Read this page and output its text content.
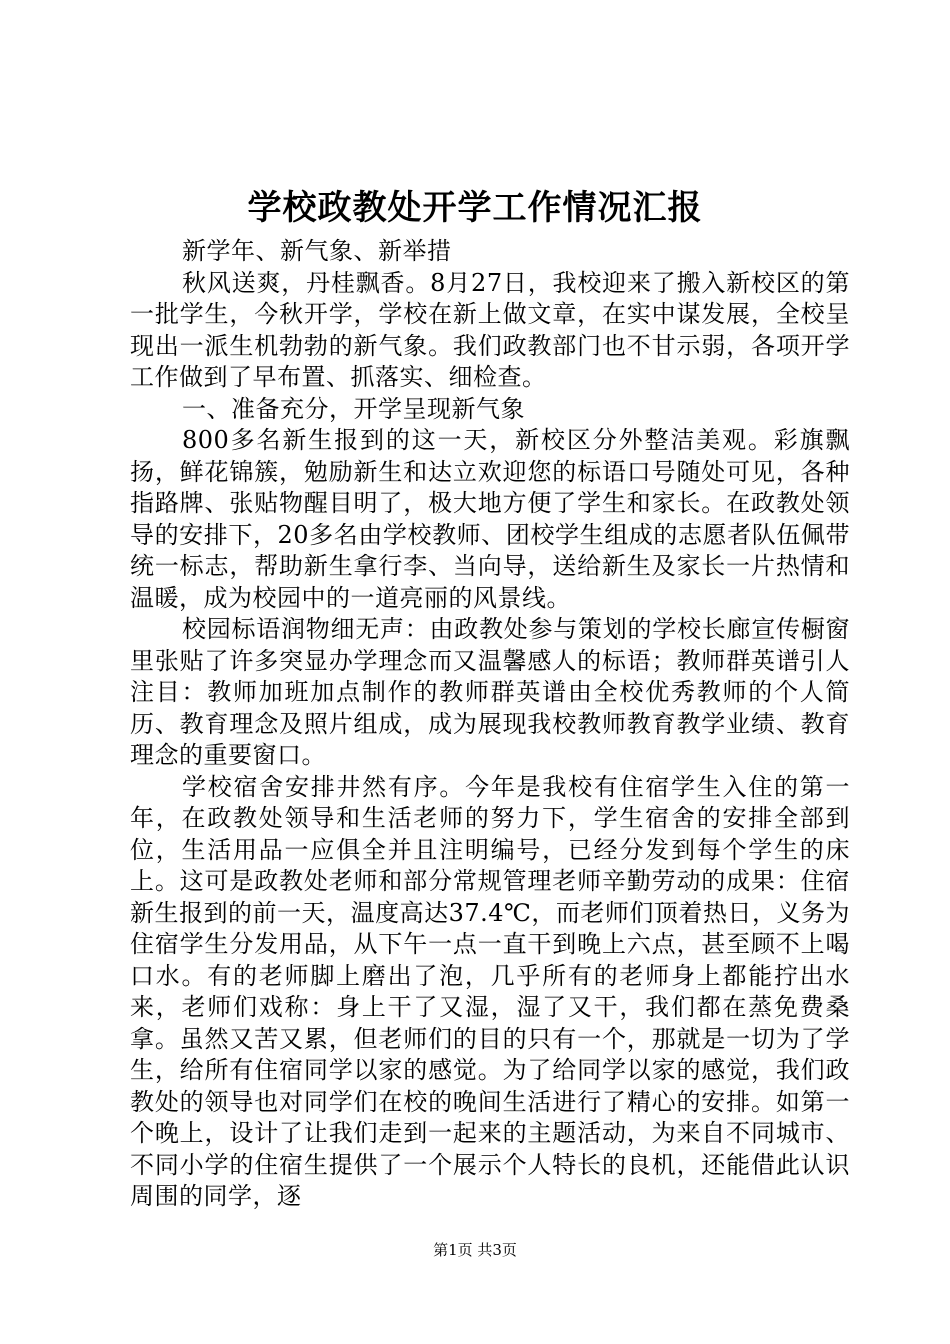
学校政教处开学工作情况汇报

新学年、新气象、新举措

秋风送爽，丹桂飘香。8月27日，我校迎来了搬入新校区的第一批学生，今秋开学，学校在新上做文章，在实中谋发展，全校呈现出一派生机勃勃的新气象。我们政教部门也不甘示弱，各项开学工作做到了早布置、抓落实、细检查。

一、准备充分，开学呈现新气象

800多名新生报到的这一天，新校区分外整洁美观。彩旗飘扬，鲜花锦簇，勉励新生和达立欢迎您的标语口号随处可见，各种指路牌、张贴物醒目明了，极大地方便了学生和家长。在政教处领导的安排下，20多名由学校教师、团校学生组成的志愿者队伍佩带统一标志，帮助新生拿行李、当向导，送给新生及家长一片热情和温暖，成为校园中的一道亮丽的风景线。

校园标语润物细无声：由政教处参与策划的学校长廊宣传橱窗里张贴了许多突显办学理念而又温馨感人的标语；教师群英谱引人注目：教师加班加点制作的教师群英谱由全校优秀教师的个人简历、教育理念及照片组成，成为展现我校教师教育教学业绩、教育理念的重要窗口。

学校宿舍安排井然有序。今年是我校有住宿学生入住的第一年，在政教处领导和生活老师的努力下，学生宿舍的安排全部到位，生活用品一应俱全并且注明编号，已经分发到每个学生的床上。这可是政教处老师和部分常规管理老师辛勤劳动的成果：住宿新生报到的前一天，温度高达37.4℃，而老师们顶着热日，义务为住宿学生分发用品，从下午一点一直干到晚上六点，甚至顾不上喝口水。有的老师脚上磨出了泡，几乎所有的老师身上都能拧出水来，老师们戏称：身上干了又湿，湿了又干，我们都在蒸免费桑拿。虽然又苦又累，但老师们的目的只有一个，那就是一切为了学生，给所有住宿同学以家的感觉。为了给同学以家的感觉，我们政教处的领导也对同学们在校的晚间生活进行了精心的安排。如第一个晚上，设计了让我们走到一起来的主题活动，为来自不同城市、不同小学的住宿生提供了一个展示个人特长的良机，还能借此认识周围的同学，逐

第1页 共3页
